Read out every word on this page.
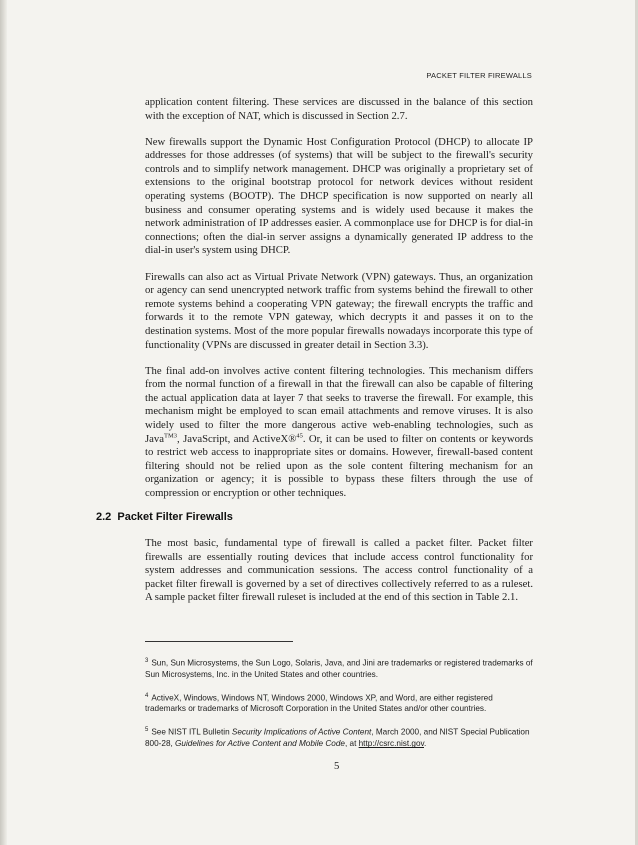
PACKET FILTER FIREWALLS

application content filtering. These services are discussed in the balance of this section with the exception of NAT, which is discussed in Section 2.7.

New firewalls support the Dynamic Host Configuration Protocol (DHCP) to allocate IP addresses for those addresses (of systems) that will be subject to the firewall's security controls and to simplify network management. DHCP was originally a proprietary set of extensions to the original bootstrap protocol for network devices without resident operating systems (BOOTP). The DHCP specification is now supported on nearly all business and consumer operating systems and is widely used because it makes the network administration of IP addresses easier. A commonplace use for DHCP is for dial-in connections; often the dial-in server assigns a dynamically generated IP address to the dial-in user's system using DHCP.

Firewalls can also act as Virtual Private Network (VPN) gateways. Thus, an organization or agency can send unencrypted network traffic from systems behind the firewall to other remote systems behind a cooperating VPN gateway; the firewall encrypts the traffic and forwards it to the remote VPN gateway, which decrypts it and passes it on to the destination systems. Most of the more popular firewalls nowadays incorporate this type of functionality (VPNs are discussed in greater detail in Section 3.3).

The final add-on involves active content filtering technologies. This mechanism differs from the normal function of a firewall in that the firewall can also be capable of filtering the actual application data at layer 7 that seeks to traverse the firewall. For example, this mechanism might be employed to scan email attachments and remove viruses. It is also widely used to filter the more dangerous active web-enabling technologies, such as Java$^{TM3}$, JavaScript, and ActiveX®$^{45}$. Or, it can be used to filter on contents or keywords to restrict web access to inappropriate sites or domains. However, firewall-based content filtering should not be relied upon as the sole content filtering mechanism for an organization or agency; it is possible to bypass these filters through the use of compression or encryption or other techniques.

2.2 Packet Filter Firewalls

The most basic, fundamental type of firewall is called a packet filter. Packet filter firewalls are essentially routing devices that include access control functionality for system addresses and communication sessions. The access control functionality of a packet filter firewall is governed by a set of directives collectively referred to as a ruleset. A sample packet filter firewall ruleset is included at the end of this section in Table 2.1.

$^3$ Sun, Sun Microsystems, the Sun Logo, Solaris, Java, and Jini are trademarks or registered trademarks of Sun Microsystems, Inc. in the United States and other countries.

$^4$ ActiveX, Windows, Windows NT, Windows 2000, Windows XP, and Word, are either registered trademarks or trademarks of Microsoft Corporation in the United States and/or other countries.

$^5$ See NIST ITL Bulletin Security Implications of Active Content, March 2000, and NIST Special Publication 800-28, Guidelines for Active Content and Mobile Code, at http://csrc.nist.gov.

5
